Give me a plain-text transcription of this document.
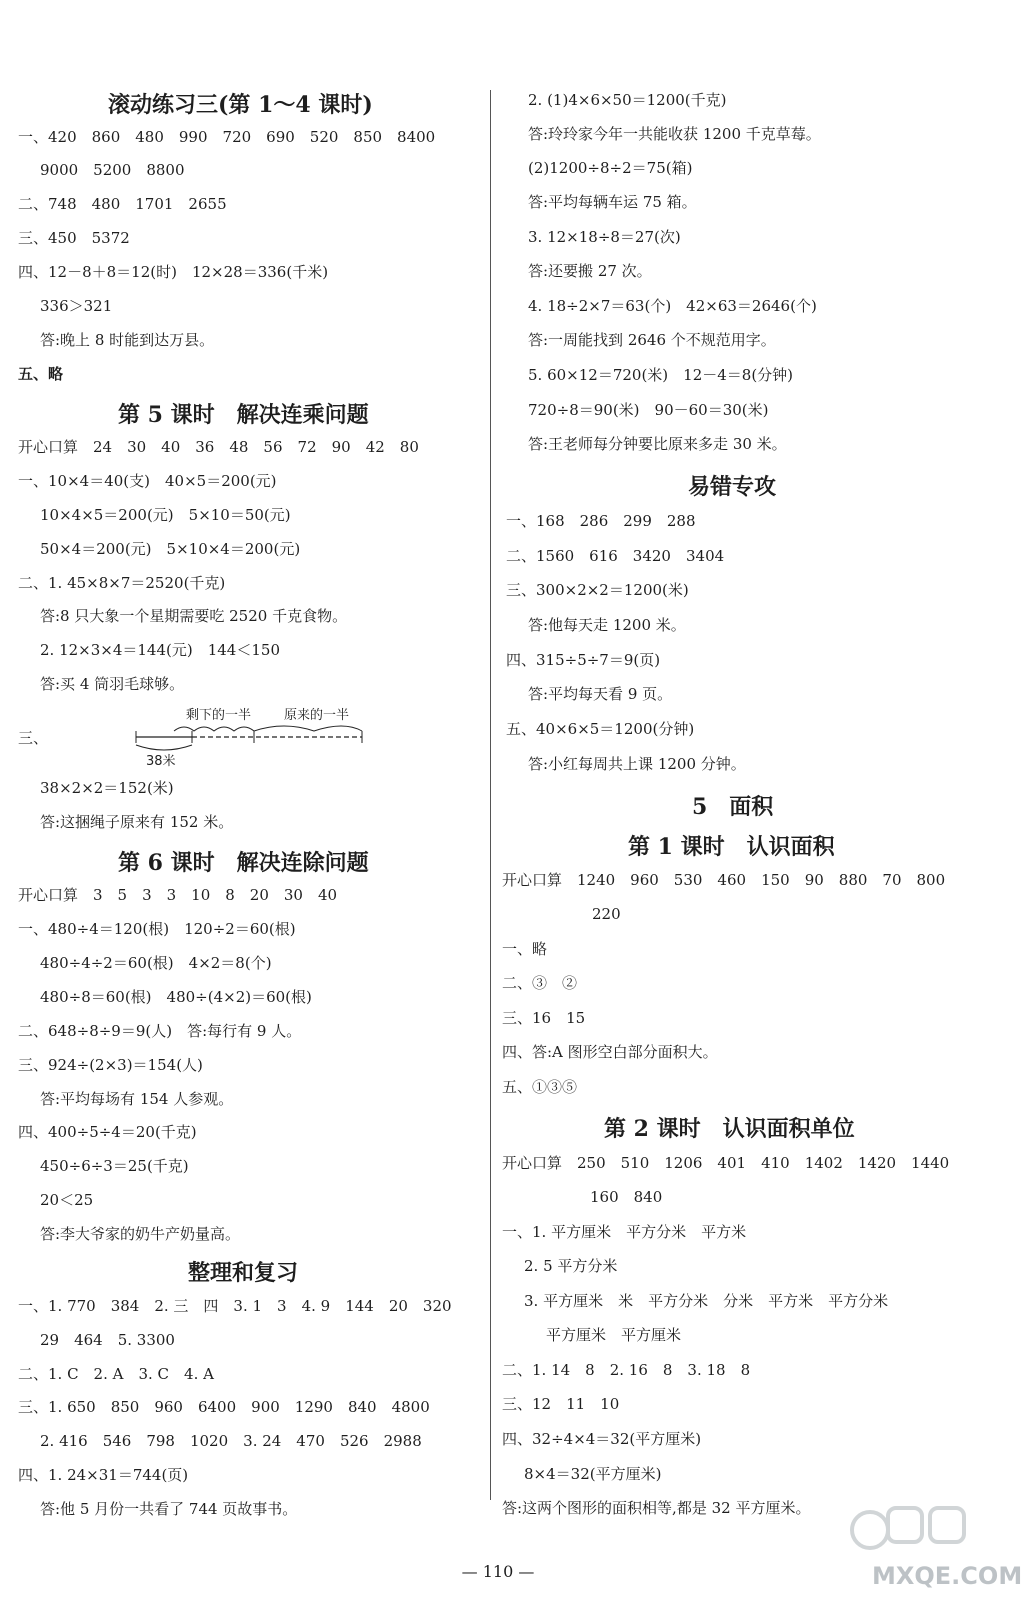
滚动练习三(第 1～4 课时)
一、420　860　480　990　720　690　520　850　8400
9000　5200　8800
二、748　480　1701　2655
三、450　5372
四、12－8＋8＝12(时)　12×28＝336(千米)
336＞321
答:晚上 8 时能到达万县。
五、略
第 5 课时　解决连乘问题
开心口算　24　30　40　36　48　56　72　90　42　80
一、10×4＝40(支)　40×5＝200(元)
10×4×5＝200(元)　5×10＝50(元)
50×4＝200(元)　5×10×4＝200(元)
二、1. 45×8×7＝2520(千克)
答:8 只大象一个星期需要吃 2520 千克食物。
2. 12×3×4＝144(元)　144＜150
答:买 4 筒羽毛球够。
三、
剩下的一半	原来的一半
38米
38×2×2＝152(米)
答:这捆绳子原来有 152 米。
第 6 课时　解决连除问题
开心口算　3　5　3　3　10　8　20　30　40
一、480÷4＝120(根)　120÷2＝60(根)
480÷4÷2＝60(根)　4×2＝8(个)
480÷8＝60(根)　480÷(4×2)＝60(根)
二、648÷8÷9＝9(人)　答:每行有 9 人。
三、924÷(2×3)＝154(人)
答:平均每场有 154 人参观。
四、400÷5÷4＝20(千克)
450÷6÷3＝25(千克)
20＜25
答:李大爷家的奶牛产奶量高。
整理和复习
一、1. 770　384　2. 三　四　3. 1　3　4. 9　144　20　320
29　464　5. 3300
二、1. C　2. A　3. C　4. A
三、1. 650　850　960　6400　900　1290　840　4800
2. 416　546　798　1020　3. 24　470　526　2988
四、1. 24×31＝744(页)
答:他 5 月份一共看了 744 页故事书。
2. (1)4×6×50＝1200(千克)
答:玲玲家今年一共能收获 1200 千克草莓。
(2)1200÷8÷2＝75(箱)
答:平均每辆车运 75 箱。
3. 12×18÷8＝27(次)
答:还要搬 27 次。
4. 18÷2×7＝63(个)　42×63＝2646(个)
答:一周能找到 2646 个不规范用字。
5. 60×12＝720(米)　12－4＝8(分钟)
720÷8＝90(米)　90－60＝30(米)
答:王老师每分钟要比原来多走 30 米。
易错专攻
一、168　286　299　288
二、1560　616　3420　3404
三、300×2×2＝1200(米)
答:他每天走 1200 米。
四、315÷5÷7＝9(页)
答:平均每天看 9 页。
五、40×6×5＝1200(分钟)
答:小红每周共上课 1200 分钟。
5　面积
第 1 课时　认识面积
开心口算　1240　960　530　460　150　90　880　70　800
220
一、略
二、③　②
三、16　15
四、答:A 图形空白部分面积大。
五、①③⑤
第 2 课时　认识面积单位
开心口算　250　510　1206　401　410　1402　1420　1440
160　840
一、1. 平方厘米　平方分米　平方米
2. 5 平方分米
3. 平方厘米　米　平方分米　分米　平方米　平方分米
平方厘米　平方厘米
二、1. 14　8　2. 16　8　3. 18　8
三、12　11　10
四、32÷4×4＝32(平方厘米)
8×4＝32(平方厘米)
答:这两个图形的面积相等,都是 32 平方厘米。
MXQE.COM
— 110 —
